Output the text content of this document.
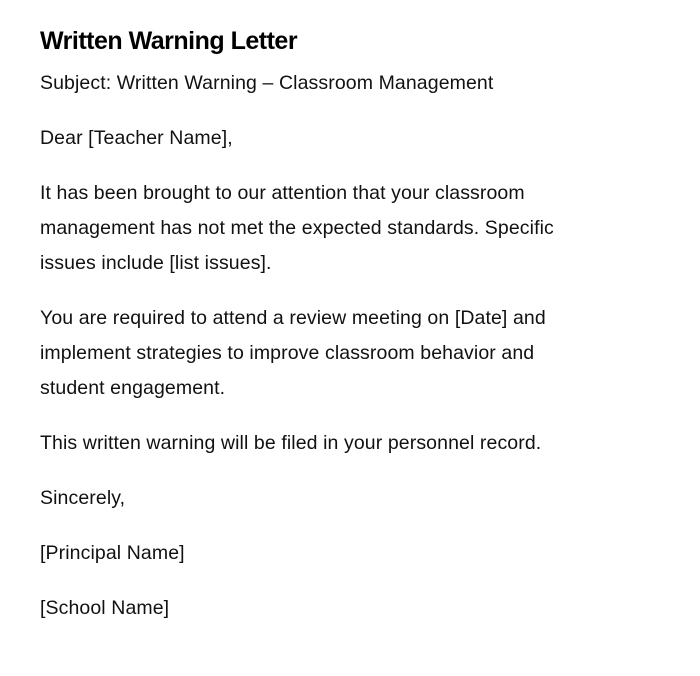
Written Warning Letter

Subject: Written Warning – Classroom Management

Dear [Teacher Name],

It has been brought to our attention that your classroom management has not met the expected standards. Specific issues include [list issues].

You are required to attend a review meeting on [Date] and implement strategies to improve classroom behavior and student engagement.

This written warning will be filed in your personnel record.

Sincerely,

[Principal Name]

[School Name]
